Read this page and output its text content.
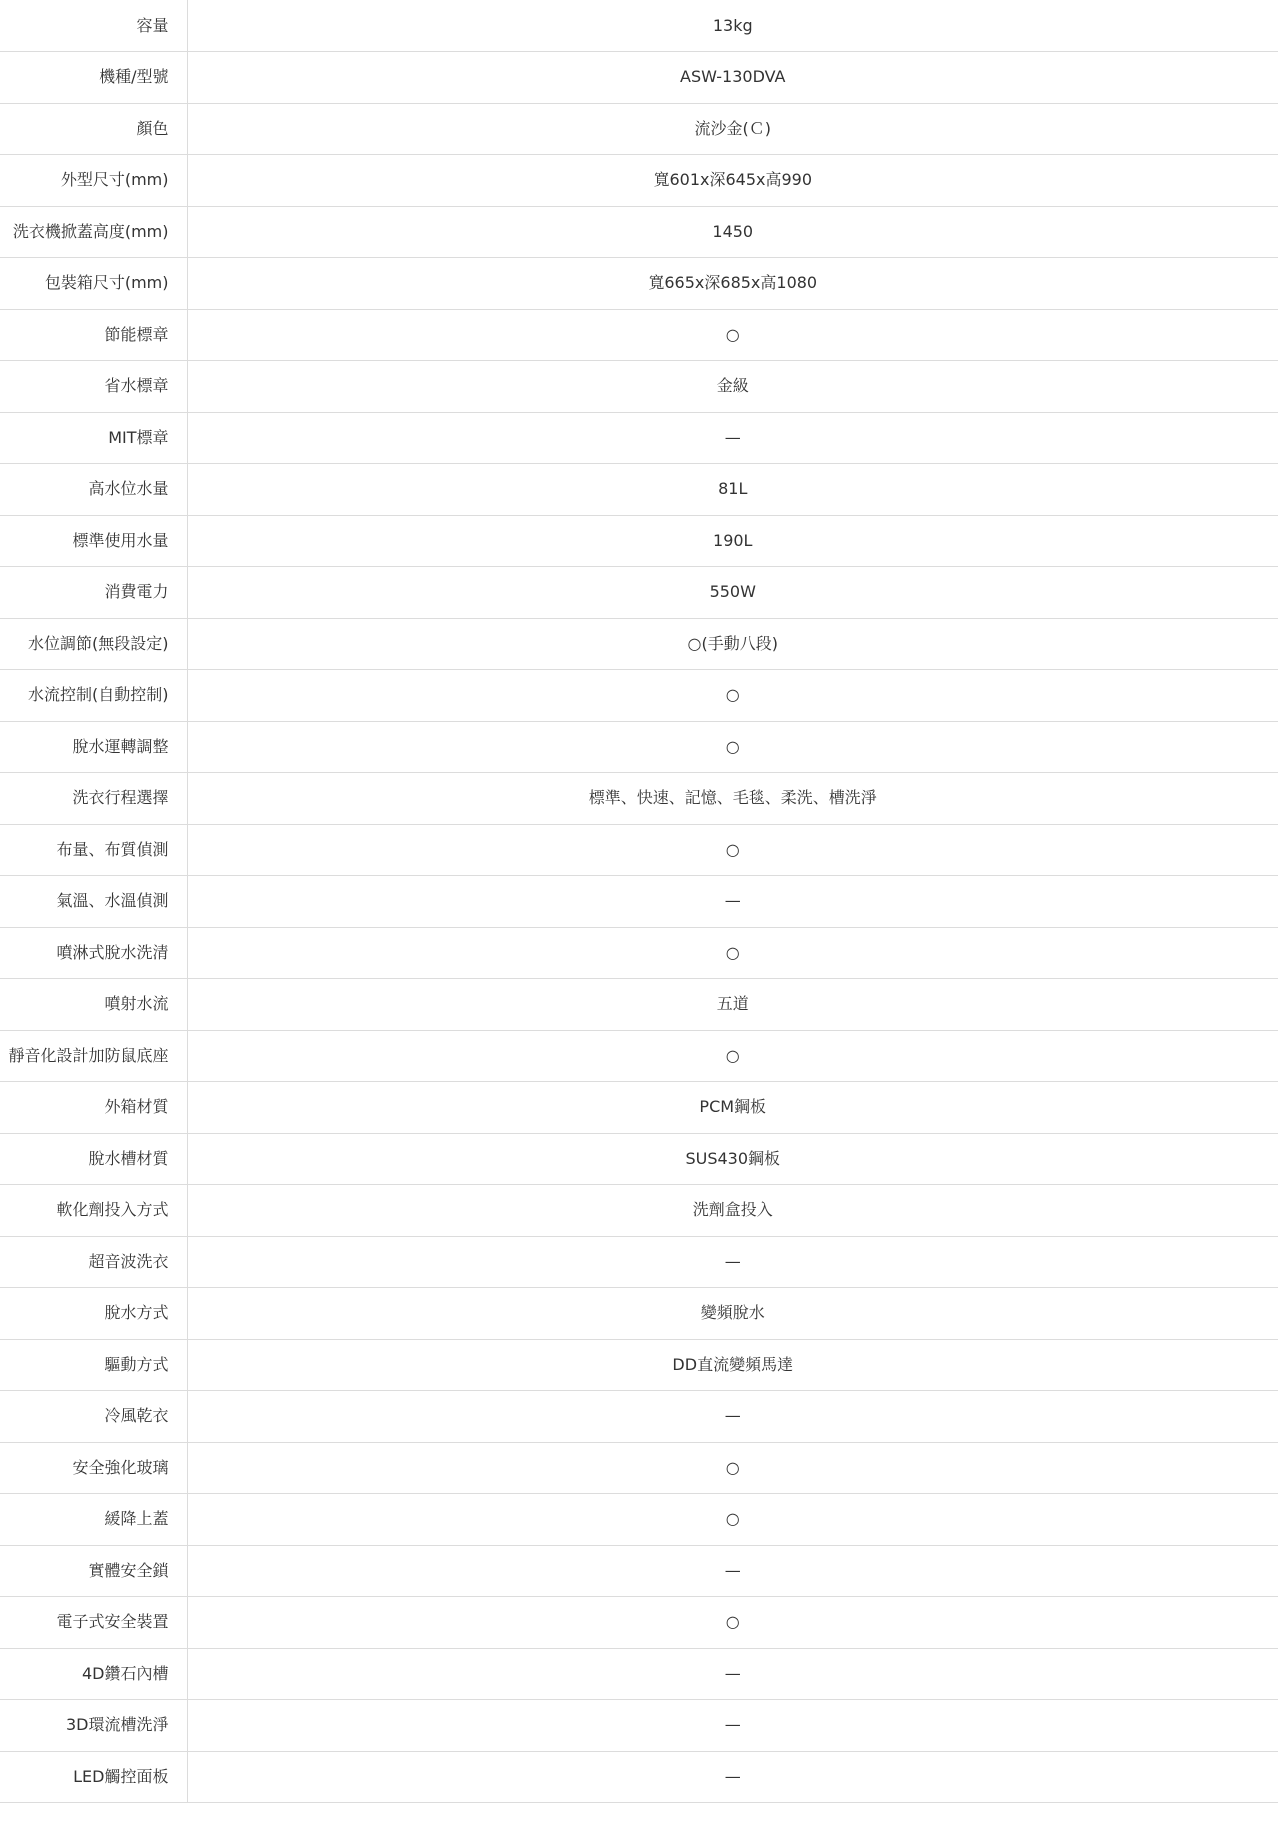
容量	13kg
機種/型號	ASW-130DVA
顏色	流沙金(Ｃ)
外型尺寸(mm)	寬601x深645x高990
洗衣機掀蓋高度(mm)	1450
包裝箱尺寸(mm)	寬665x深685x高1080
節能標章	○
省水標章	金級
MIT標章	—
高水位水量	81L
標準使用水量	190L
消費電力	550W
水位調節(無段設定)	○(手動八段)
水流控制(自動控制)	○
脫水運轉調整	○
洗衣行程選擇	標準、快速、記憶、毛毯、柔洗、槽洗淨
布量、布質偵測	○
氣溫、水溫偵測	—
噴淋式脫水洗清	○
噴射水流	五道
靜音化設計加防鼠底座	○
外箱材質	PCM鋼板
脫水槽材質	SUS430鋼板
軟化劑投入方式	洗劑盒投入
超音波洗衣	—
脫水方式	變頻脫水
驅動方式	DD直流變頻馬達
冷風乾衣	—
安全強化玻璃	○
緩降上蓋	○
實體安全鎖	—
電子式安全裝置	○
4D鑽石內槽	—
3D環流槽洗淨	—
LED觸控面板	—
